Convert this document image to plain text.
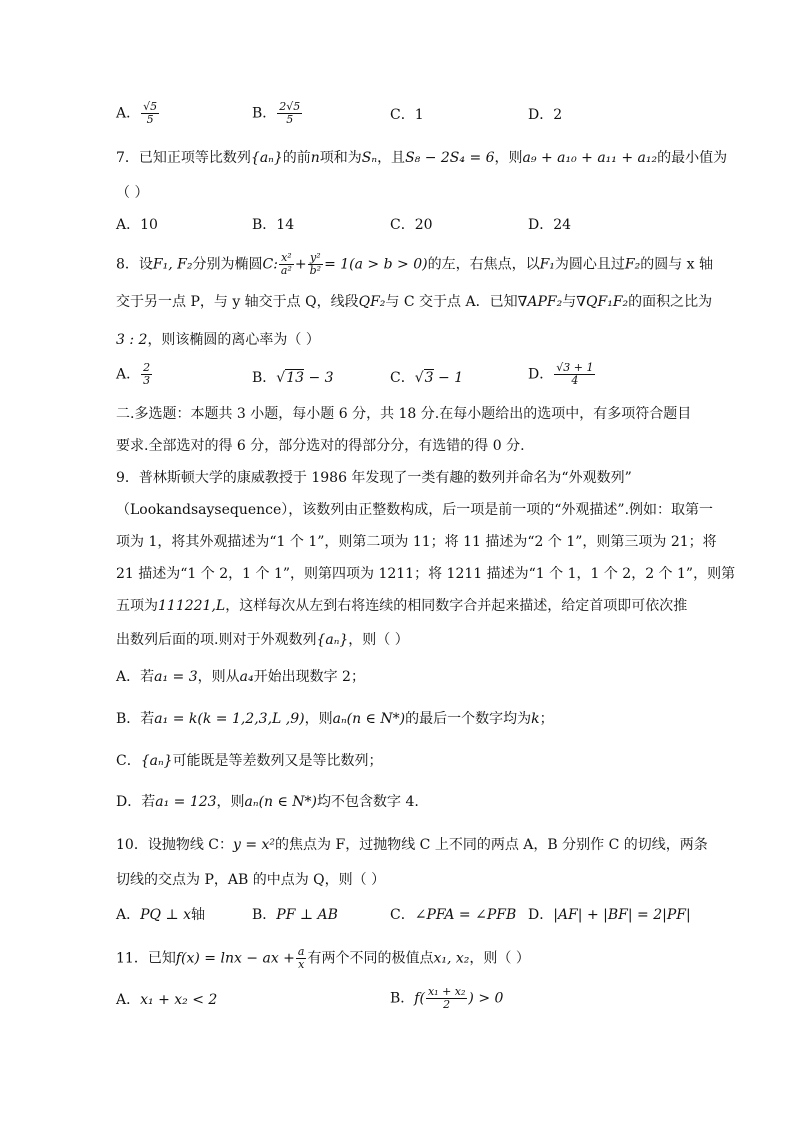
A． $\frac{√5}{5}$	B． $\frac{2√5}{5}$	C．1	D．2
7．已知正项等比数列{aₙ}的前n项和为Sₙ，且S₈ − 2S₄ = 6，则a₉ + a₁₀ + a₁₁ + a₁₂的最小值为
（ ）
A．10	B．14	C．20	D．24
8．设F₁, F₂分别为椭圆C: $\frac{\text{x²}}{\text{a²}} + \frac{\text{y²}}{\text{b²}} = 1(a > b > 0)$的左，右焦点，以F₁为圆心且过F₂的圆与 x 轴
交于另一点 P，与 y 轴交于点 Q，线段QF₂与 C 交于点 A．已知∇APF₂与∇QF₁F₂的面积之比为
3 : 2，则该椭圆的离心率为（ ）
A． $\frac{2}{3}$	B．√13 − 3	C．√3 − 1	D． $\frac{√3 + 1}{4}$
二.多选题：本题共 3 小题，每小题 6 分，共 18 分.在每小题给出的选项中，有多项符合题目
要求.全部选对的得 6 分，部分选对的得部分分，有选错的得 0 分.
9．普林斯顿大学的康威教授于 1986 年发现了一类有趣的数列并命名为“外观数列”
（Lookandsaysequence），该数列由正整数构成，后一项是前一项的“外观描述”.例如：取第一
项为 1，将其外观描述为“1 个 1”，则第二项为 11；将 11 描述为“2 个 1”，则第三项为 21；将
21 描述为“1 个 2，1 个 1”，则第四项为 1211；将 1211 描述为“1 个 1，1 个 2，2 个 1”，则第
五项为111221,L，这样每次从左到右将连续的相同数字合并起来描述，给定首项即可依次推
出数列后面的项.则对于外观数列{aₙ}，则（ ）
A．若a₁ = 3，则从a₄开始出现数字 2；
B．若a₁ = k(k = 1,2,3,L ,9)，则aₙ(n ∈ N*)的最后一个数字均为k；
C．{aₙ}可能既是等差数列又是等比数列；
D．若a₁ = 123，则aₙ(n ∈ N*)均不包含数字 4.
10．设抛物线 C：y = x²的焦点为 F，过抛物线 C 上不同的两点 A，B 分别作 C 的切线，两条
切线的交点为 P，AB 的中点为 Q，则（ ）
A．PQ ⊥ x轴	B．PF ⊥ AB	C．∠PFA = ∠PFB D．|AF| + |BF| = 2|PF|
11．已知f(x) = lnx − ax + $\frac{a}{x}$ 有两个不同的极值点x₁, x₂，则（ ）
A．x₁ + x₂ < 2	B．$f( \frac{\text{x₁ + x₂}}{2}$ ) > 0
